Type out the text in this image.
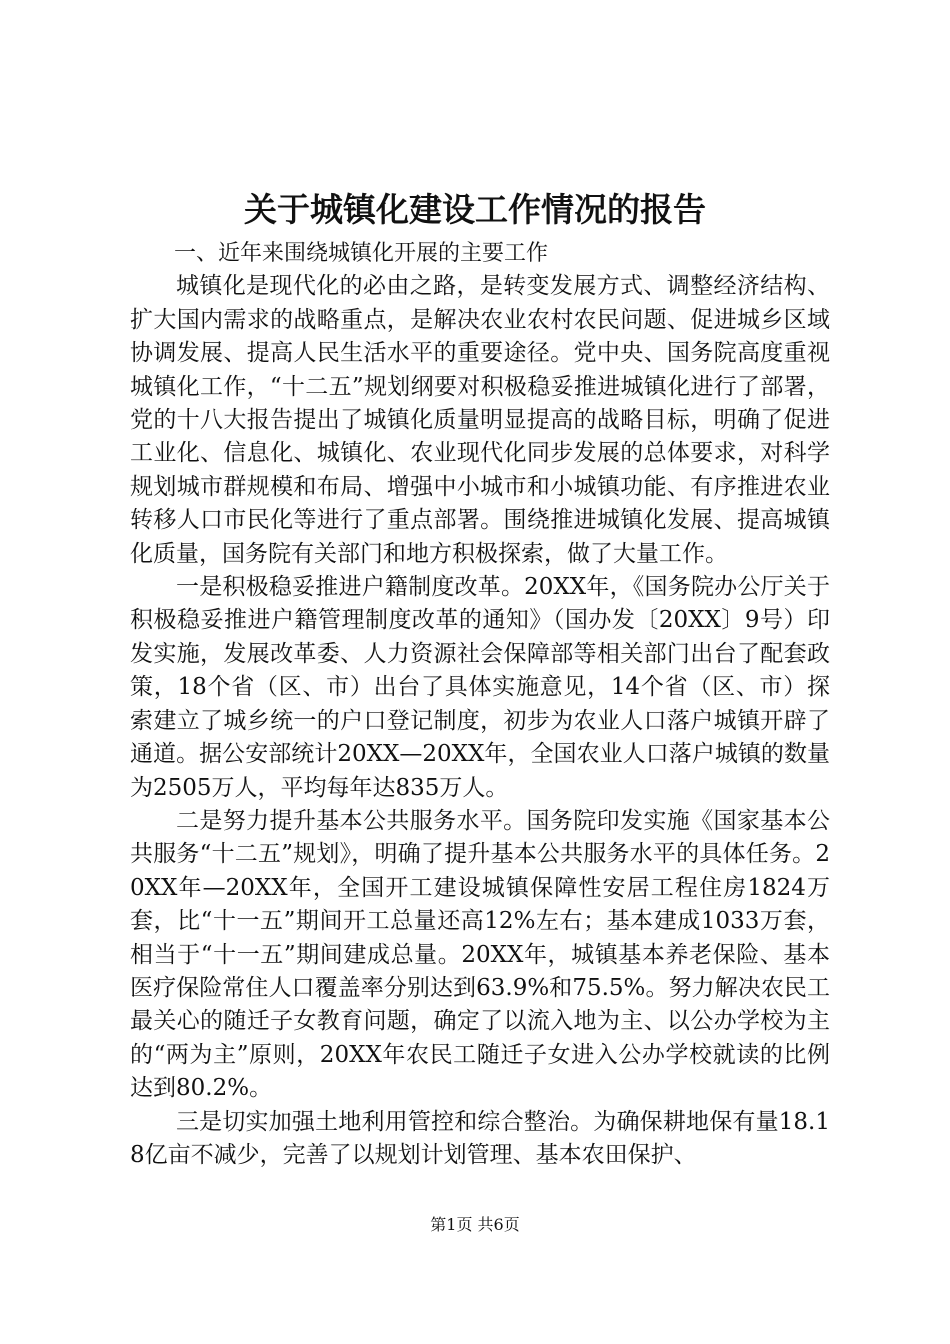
关于城镇化建设工作情况的报告

一、近年来围绕城镇化开展的主要工作

城镇化是现代化的必由之路，是转变发展方式、调整经济结构、扩大国内需求的战略重点，是解决农业农村农民问题、促进城乡区域协调发展、提高人民生活水平的重要途径。党中央、国务院高度重视城镇化工作，“十二五”规划纲要对积极稳妥推进城镇化进行了部署，党的十八大报告提出了城镇化质量明显提高的战略目标，明确了促进工业化、信息化、城镇化、农业现代化同步发展的总体要求，对科学规划城市群规模和布局、增强中小城市和小城镇功能、有序推进农业转移人口市民化等进行了重点部署。围绕推进城镇化发展、提高城镇化质量，国务院有关部门和地方积极探索，做了大量工作。

一是积极稳妥推进户籍制度改革。20XX年，《国务院办公厅关于积极稳妥推进户籍管理制度改革的通知》（国办发〔20XX〕9号）印发实施，发展改革委、人力资源社会保障部等相关部门出台了配套政策，18个省（区、市）出台了具体实施意见，14个省（区、市）探索建立了城乡统一的户口登记制度，初步为农业人口落户城镇开辟了通道。据公安部统计20XX—20XX年，全国农业人口落户城镇的数量为2505万人，平均每年达835万人。

二是努力提升基本公共服务水平。国务院印发实施《国家基本公共服务“十二五”规划》，明确了提升基本公共服务水平的具体任务。20XX年—20XX年，全国开工建设城镇保障性安居工程住房1824万套，比“十一五”期间开工总量还高12%左右；基本建成1033万套，相当于“十一五”期间建成总量。20XX年，城镇基本养老保险、基本医疗保险常住人口覆盖率分别达到63.9%和75.5%。努力解决农民工最关心的随迁子女教育问题，确定了以流入地为主、以公办学校为主的“两为主”原则，20XX年农民工随迁子女进入公办学校就读的比例达到80.2%。

三是切实加强土地利用管控和综合整治。为确保耕地保有量18.18亿亩不减少，完善了以规划计划管理、基本农田保护、

第1页 共6页
